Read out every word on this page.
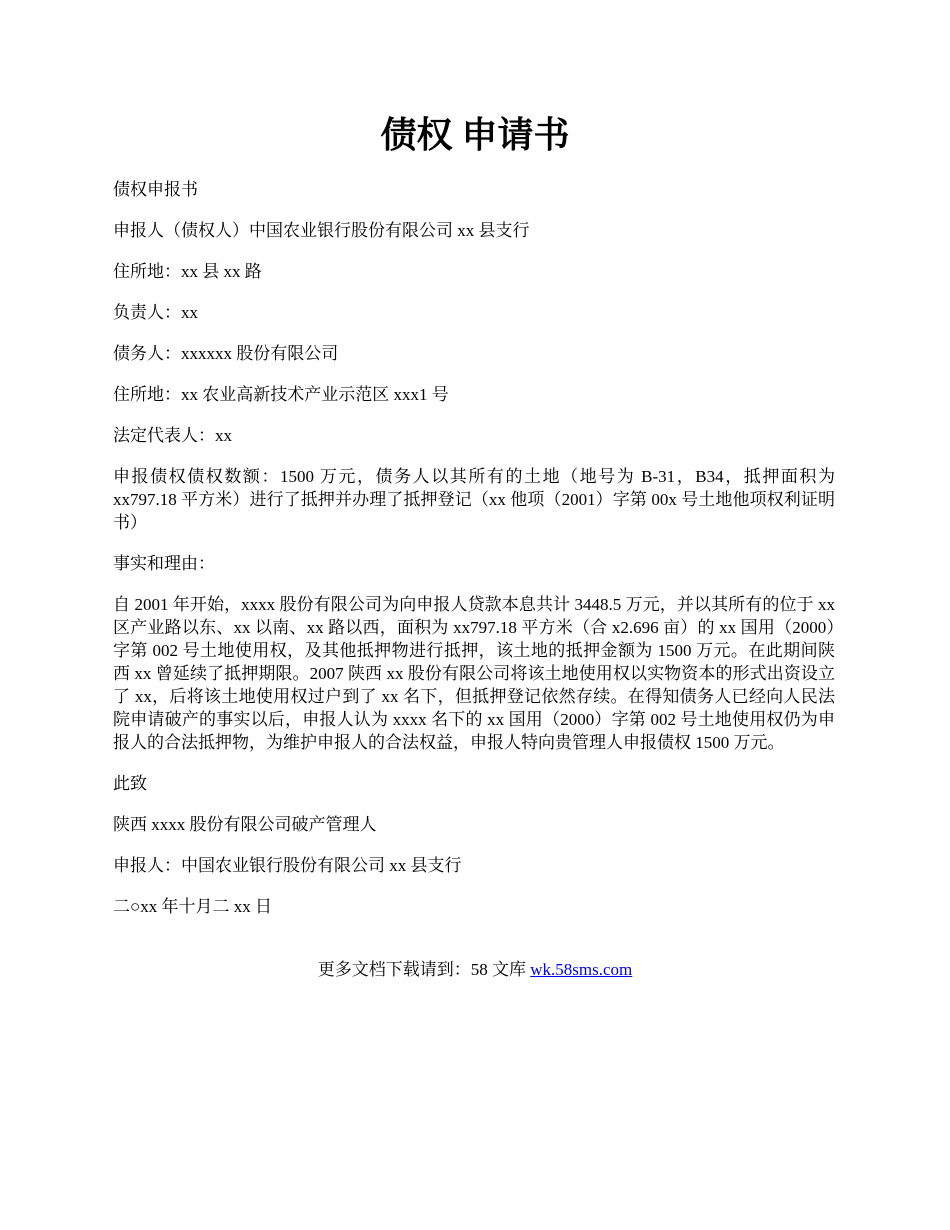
债权 申请书

债权申报书

申报人（债权人）中国农业银行股份有限公司 xx 县支行

住所地：xx 县 xx 路

负责人：xx

债务人：xxxxxx 股份有限公司

住所地：xx 农业高新技术产业示范区 xxx1 号

法定代表人：xx

申报债权债权数额：1500 万元，债务人以其所有的土地（地号为 B-31，B34，抵押面积为 xx797.18 平方米）进行了抵押并办理了抵押登记（xx 他项（2001）字第 00x 号土地他项权利证明书）

事实和理由：

自 2001 年开始，xxxx 股份有限公司为向申报人贷款本息共计 3448.5 万元，并以其所有的位于 xx 区产业路以东、xx 以南、xx 路以西，面积为 xx797.18 平方米（合 x2.696 亩）的 xx 国用（2000）字第 002 号土地使用权，及其他抵押物进行抵押，该土地的抵押金额为 1500 万元。在此期间陕西 xx 曾延续了抵押期限。2007 陕西 xx 股份有限公司将该土地使用权以实物资本的形式出资设立了 xx，后将该土地使用权过户到了 xx 名下，但抵押登记依然存续。在得知债务人已经向人民法院申请破产的事实以后，申报人认为 xxxx 名下的 xx 国用（2000）字第 002 号土地使用权仍为申报人的合法抵押物，为维护申报人的合法权益，申报人特向贵管理人申报债权 1500 万元。

此致

陕西 xxxx 股份有限公司破产管理人

申报人：中国农业银行股份有限公司 xx 县支行

二○xx 年十月二 xx 日

更多文档下载请到：58 文库 wk.58sms.com
